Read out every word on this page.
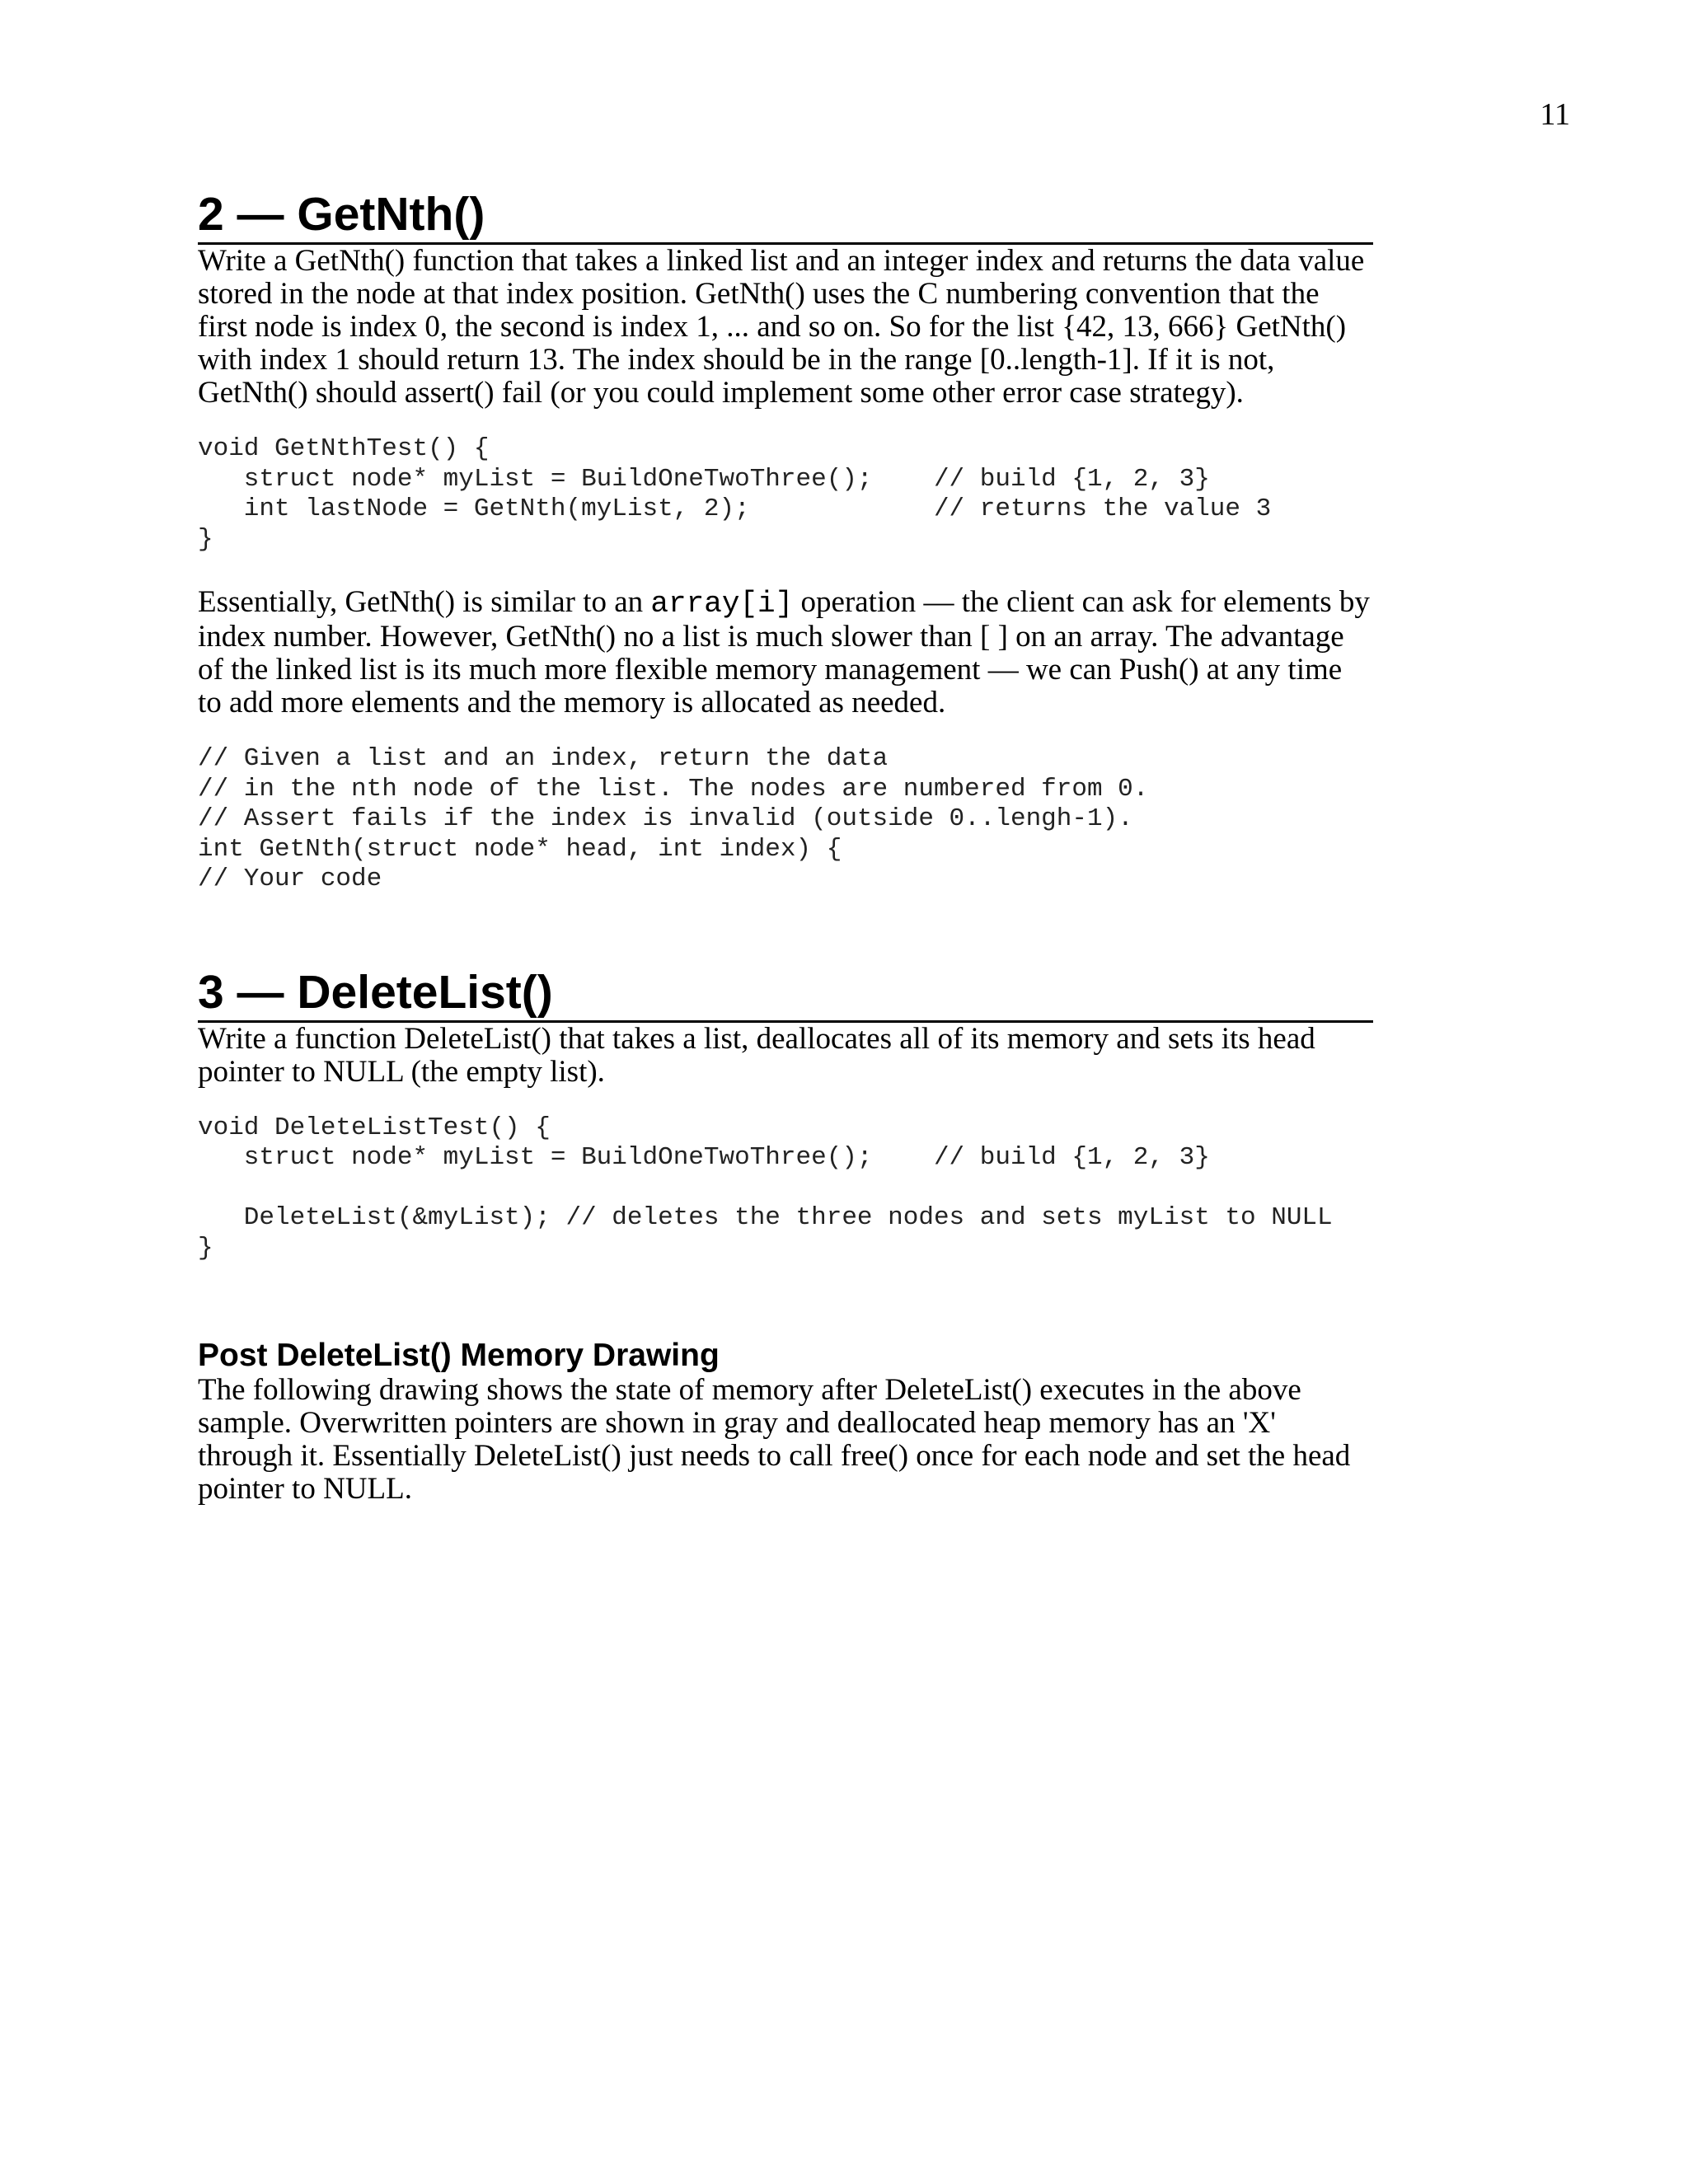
11
2 — GetNth()

Write a GetNth() function that takes a linked list and an integer index and returns the data value stored in the node at that index position. GetNth() uses the C numbering convention that the first node is index 0, the second is index 1, ... and so on. So for the list {42, 13, 666} GetNth() with index 1 should return 13. The index should be in the range [0..length-1]. If it is not, GetNth() should assert() fail (or you could implement some other error case strategy).

void GetNthTest() {
struct node* myList = BuildOneTwoThree();    // build {1, 2, 3}
int lastNode = GetNth(myList, 2);            // returns the value 3
}

Essentially, GetNth() is similar to an array[i] operation — the client can ask for elements by index number. However, GetNth() no a list is much slower than [ ] on an array. The advantage of the linked list is its much more flexible memory management — we can Push() at any time to add more elements and the memory is allocated as needed.

// Given a list and an index, return the data
// in the nth node of the list. The nodes are numbered from 0.
// Assert fails if the index is invalid (outside 0..lengh-1).
int GetNth(struct node* head, int index) {
// Your code
3 — DeleteList()

Write a function DeleteList() that takes a list, deallocates all of its memory and sets its head pointer to NULL (the empty list).

void DeleteListTest() {
struct node* myList = BuildOneTwoThree();    // build {1, 2, 3}

DeleteList(&myList); // deletes the three nodes and sets myList to NULL
}
Post DeleteList() Memory Drawing

The following drawing shows the state of memory after DeleteList() executes in the above sample. Overwritten pointers are shown in gray and deallocated heap memory has an 'X' through it. Essentially DeleteList() just needs to call free() once for each node and set the head pointer to NULL.
